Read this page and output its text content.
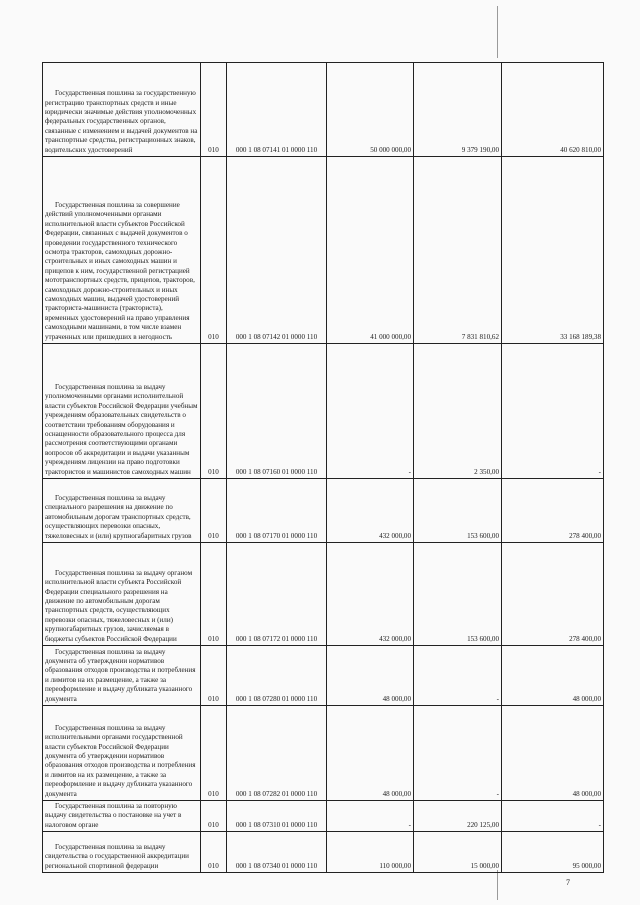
Государственная пошлина за государственную регистрацию транспортных средств и иные юридически значимые действия уполномоченных федеральных государственных органов, связанные с изменением и выдачей документов на транспортные средства, регистрационных знаков, водительских удостоверений	010	000 1 08 07141 01 0000 110	50 000 000,00	9 379 190,00	40 620 810,00

Государственная пошлина за совершение действий уполномоченными органами исполнительной власти субъектов Российской Федерации, связанных с выдачей документов о проведении государственного технического осмотра тракторов, самоходных дорожно-строительных и иных самоходных машин и прицепов к ним, государственной регистрацией мототранспортных средств, прицепов, тракторов, самоходных дорожно-строительных и иных самоходных машин, выдачей удостоверений тракториста-машиниста (тракториста), временных удостоверений на право управления самоходными машинами, в том числе взамен утраченных или пришедших в негодность	010	000 1 08 07142 01 0000 110	41 000 000,00	7 831 810,62	33 168 189,38

Государственная пошлина за выдачу уполномоченными органами исполнительной власти субъектов Российской Федерации учебным учреждениям образовательных свидетельств о соответствии требованиям оборудования и оснащенности образовательного процесса для рассмотрения соответствующими органами вопросов об аккредитации и выдачи указанным учреждениям лицензии на право подготовки трактористов и машинистов самоходных машин	010	000 1 08 07160 01 0000 110	-	2 350,00	-

Государственная пошлина за выдачу специального разрешения на движение по автомобильным дорогам транспортных средств, осуществляющих перевозки опасных, тяжеловесных и (или) крупногабаритных грузов	010	000 1 08 07170 01 0000 110	432 000,00	153 600,00	278 400,00

Государственная пошлина за выдачу органом исполнительной власти субъекта Российской Федерации специального разрешения на движение по автомобильным дорогам транспортных средств, осуществляющих перевозки опасных, тяжеловесных и (или) крупногабаритных грузов, зачисляемая в бюджеты субъектов Российской Федерации	010	000 1 08 07172 01 0000 110	432 000,00	153 600,00	278 400,00

Государственная пошлина за выдачу документа об утверждении нормативов образования отходов производства и потребления и лимитов на их размещение, а также за переоформление и выдачу дубликата указанного документа	010	000 1 08 07280 01 0000 110	48 000,00	-	48 000,00

Государственная пошлина за выдачу исполнительными органами государственной власти субъектов Российской Федерации документа об утверждении нормативов образования отходов производства и потребления и лимитов на их размещение, а также за переоформление и выдачу дубликата указанного документа	010	000 1 08 07282 01 0000 110	48 000,00	-	48 000,00

Государственная пошлина за повторную выдачу свидетельства о постановке на учет в налоговом органе	010	000 1 08 07310 01 0000 110	-	220 125,00	-

Государственная пошлина за выдачу свидетельства о государственной аккредитации региональной спортивной федерации	010	000 1 08 07340 01 0000 110	110 000,00	15 000,00	95 000,00
7
